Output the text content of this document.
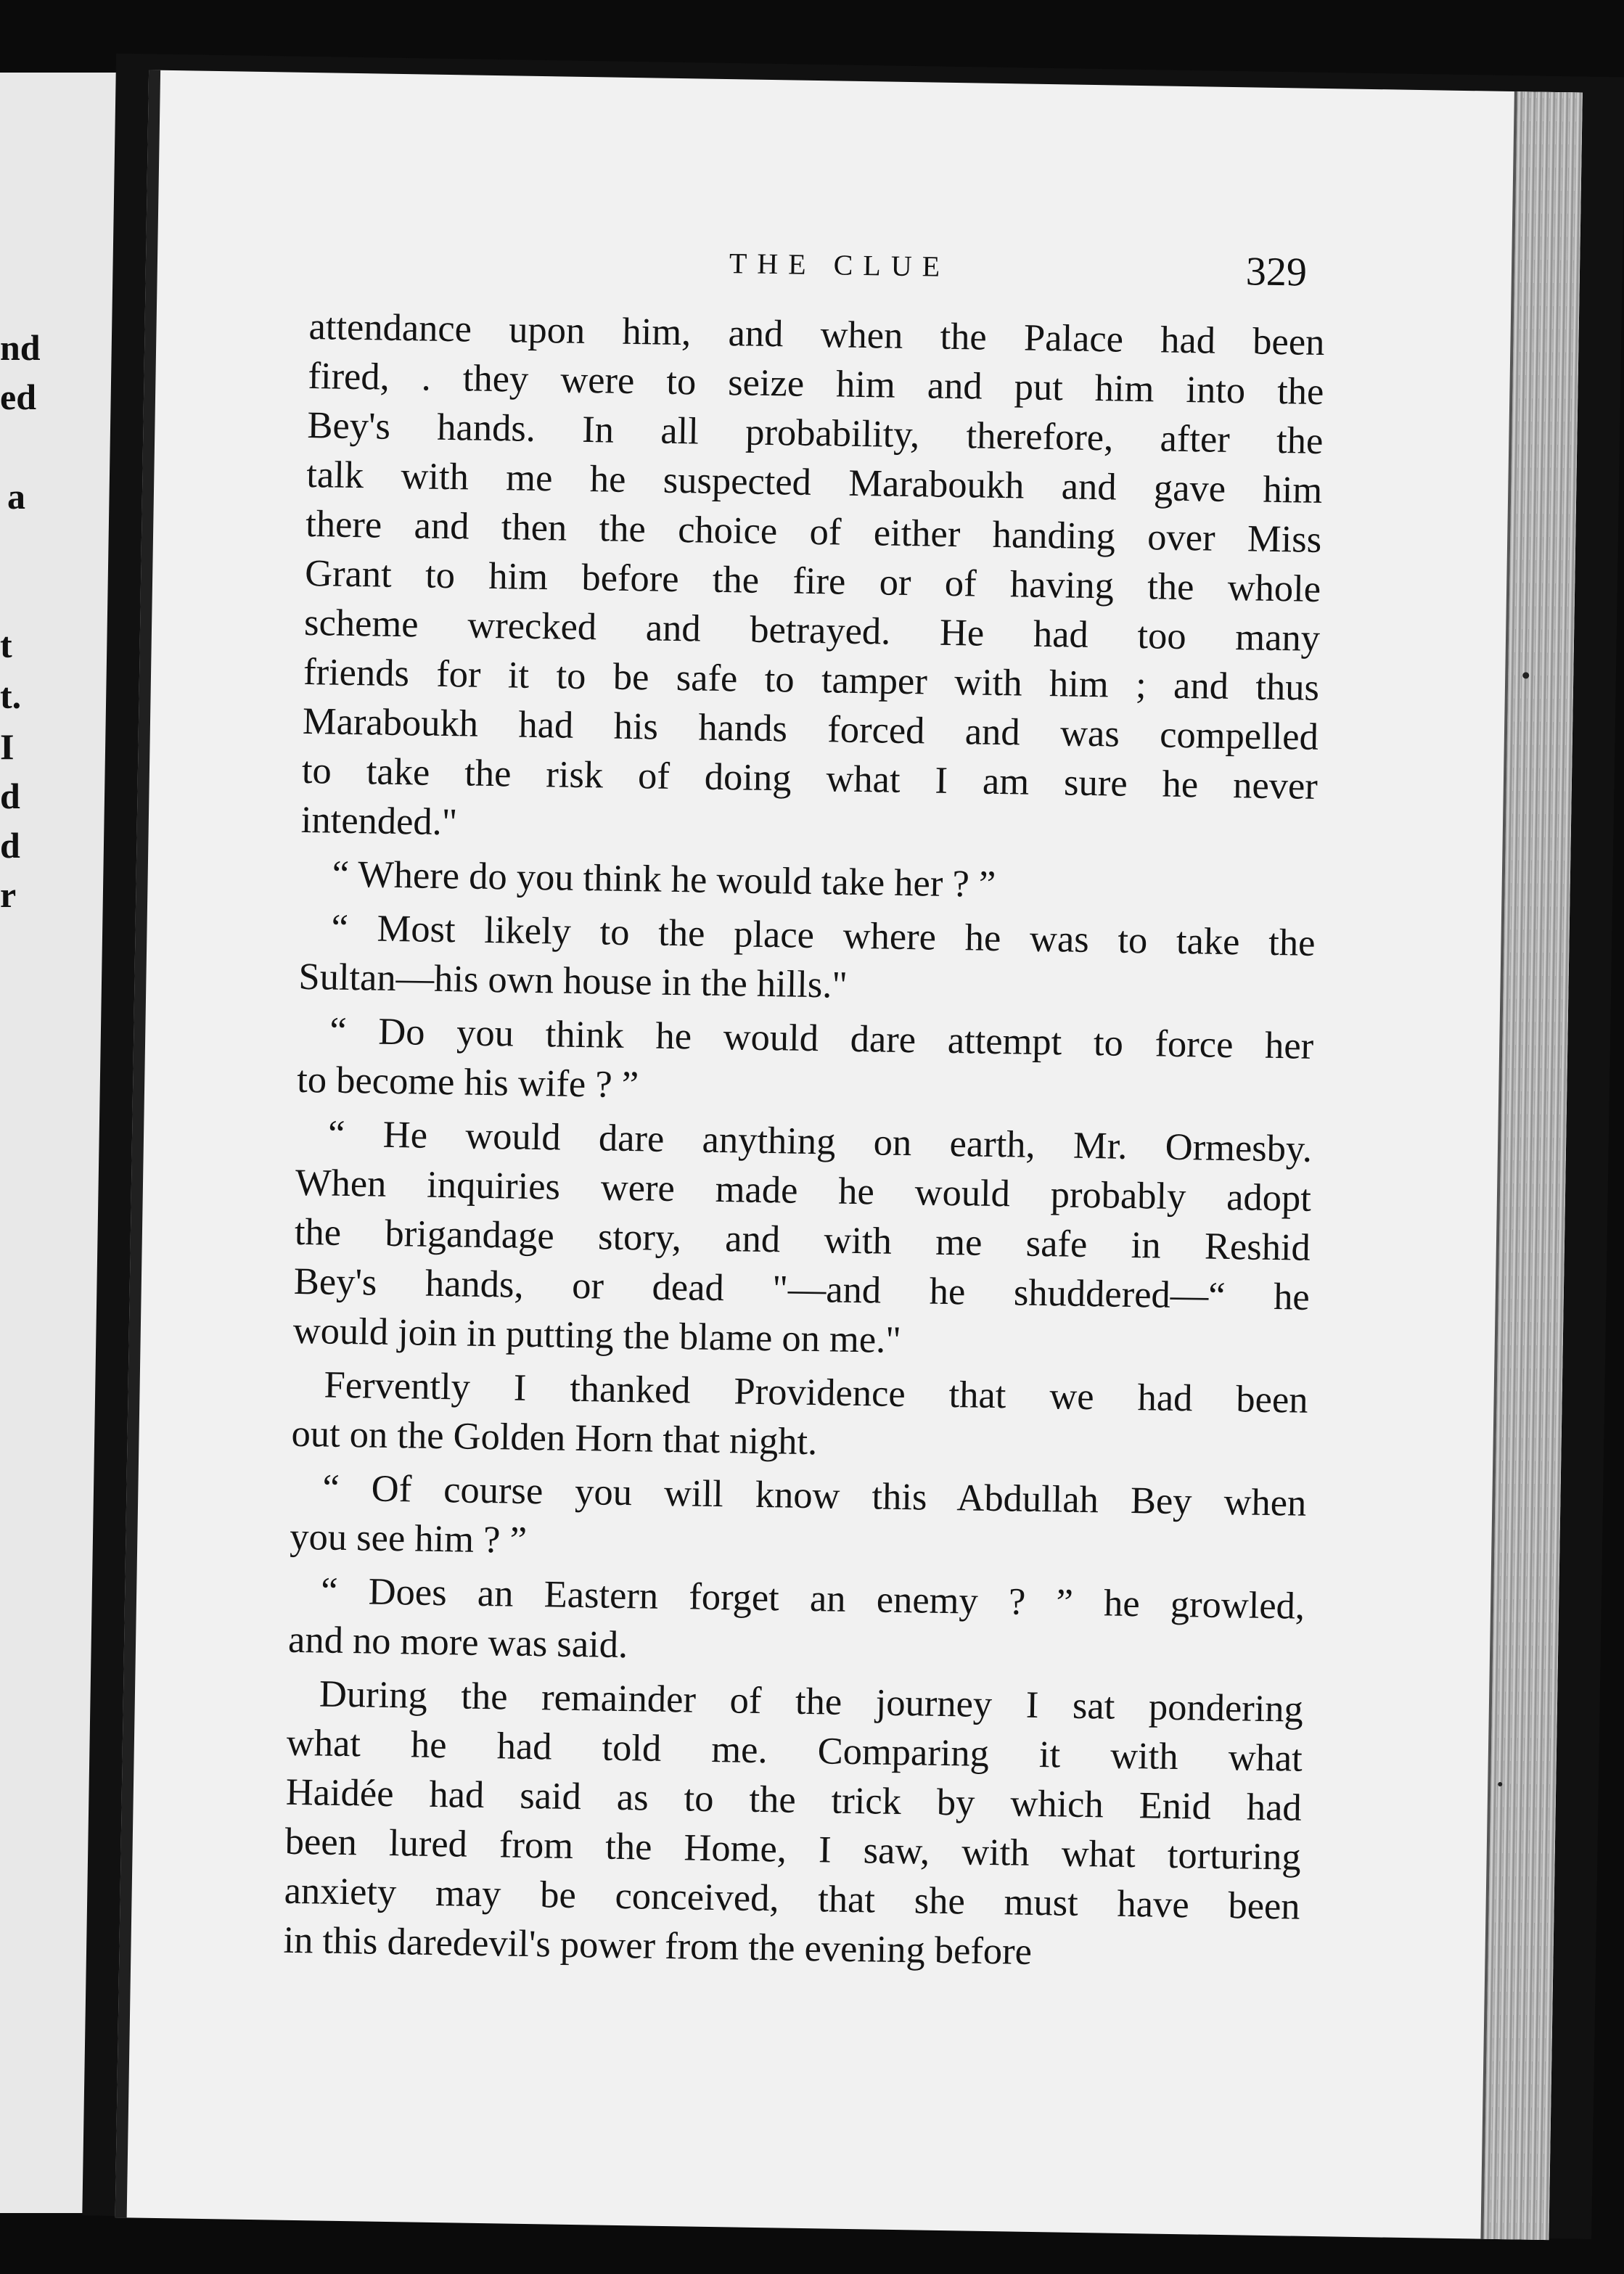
nd
ed
a
t
t.
I
d
d
r
THE CLUE	329
attendance upon him, and when the Palace had been
fired, . they were to seize him and put him into the
Bey's hands. In all probability, therefore, after the
talk with me he suspected Maraboukh and gave him
there and then the choice of either handing over Miss
Grant to him before the fire or of having the whole
scheme wrecked and betrayed. He had too many
friends for it to be safe to tamper with him ; and thus
Maraboukh had his hands forced and was compelled
to take the risk of doing what I am sure he never
intended."
“ Where do you think he would take her ? ”
“ Most likely to the place where he was to take the
Sultan—his own house in the hills."
“ Do you think he would dare attempt to force her
to become his wife ? ”
“ He would dare anything on earth, Mr. Ormesby.
When inquiries were made he would probably adopt
the brigandage story, and with me safe in Reshid
Bey's hands, or dead "—and he shuddered—“ he
would join in putting the blame on me."
Fervently I thanked Providence that we had been
out on the Golden Horn that night.
“ Of course you will know this Abdullah Bey when
you see him ? ”
“ Does an Eastern forget an enemy ? ” he growled,
and no more was said.
During the remainder of the journey I sat pondering
what he had told me. Comparing it with what
Haidée had said as to the trick by which Enid had
been lured from the Home, I saw, with what torturing
anxiety may be conceived, that she must have been
in this daredevil's power from the evening before
